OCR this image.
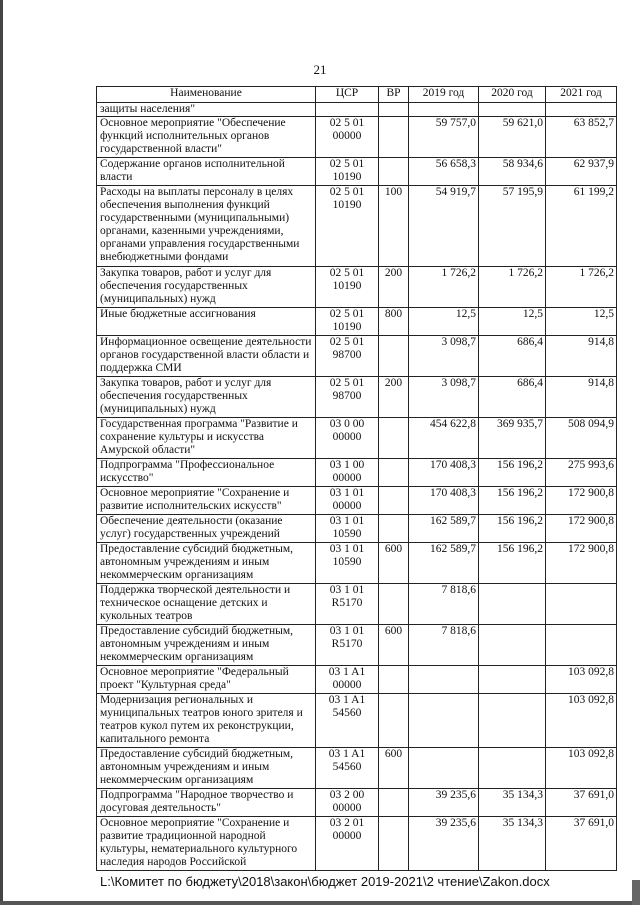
21
Наименование	ЦСР	ВР	2019 год	2020 год	2021 год
защиты населения"					
Основное мероприятие "Обеспечение функций исполнительных органов государственной власти"	02 5 01 00000		59 757,0	59 621,0	63 852,7
Содержание органов исполнительной власти	02 5 01 10190		56 658,3	58 934,6	62 937,9
Расходы на выплаты персоналу в целях обеспечения выполнения функций государственными (муниципальными) органами, казенными учреждениями, органами управления государственными внебюджетными фондами	02 5 01 10190	100	54 919,7	57 195,9	61 199,2
Закупка товаров, работ и услуг для обеспечения государственных (муниципальных) нужд	02 5 01 10190	200	1 726,2	1 726,2	1 726,2
Иные бюджетные ассигнования	02 5 01 10190	800	12,5	12,5	12,5
Информационное освещение деятельности органов государственной власти области и поддержка СМИ	02 5 01 98700		3 098,7	686,4	914,8
Закупка товаров, работ и услуг для обеспечения государственных (муниципальных) нужд	02 5 01 98700	200	3 098,7	686,4	914,8
Государственная программа "Развитие и сохранение культуры и искусства Амурской области"	03 0 00 00000		454 622,8	369 935,7	508 094,9
Подпрограмма "Профессиональное искусство"	03 1 00 00000		170 408,3	156 196,2	275 993,6
Основное мероприятие "Сохранение и развитие исполнительских искусств"	03 1 01 00000		170 408,3	156 196,2	172 900,8
Обеспечение деятельности (оказание услуг) государственных учреждений	03 1 01 10590		162 589,7	156 196,2	172 900,8
Предоставление субсидий бюджетным, автономным учреждениям и иным некоммерческим организациям	03 1 01 10590	600	162 589,7	156 196,2	172 900,8
Поддержка творческой деятельности и техническое оснащение детских и кукольных театров	03 1 01 R5170		7 818,6		
Предоставление субсидий бюджетным, автономным учреждениям и иным некоммерческим организациям	03 1 01 R5170	600	7 818,6		
Основное мероприятие "Федеральный проект "Культурная среда"	03 1 A1 00000				103 092,8
Модернизация региональных и муниципальных театров юного зрителя и театров кукол путем их реконструкции, капитального ремонта	03 1 A1 54560				103 092,8
Предоставление субсидий бюджетным, автономным учреждениям и иным некоммерческим организациям	03 1 A1 54560	600			103 092,8
Подпрограмма "Народное творчество и досуговая деятельность"	03 2 00 00000		39 235,6	35 134,3	37 691,0
Основное мероприятие "Сохранение и развитие традиционной народной культуры, нематериального культурного наследия народов Российской	03 2 01 00000		39 235,6	35 134,3	37 691,0
L:\Комитет по бюджету\2018\закон\бюджет 2019-2021\2 чтение\Zakon.docx
